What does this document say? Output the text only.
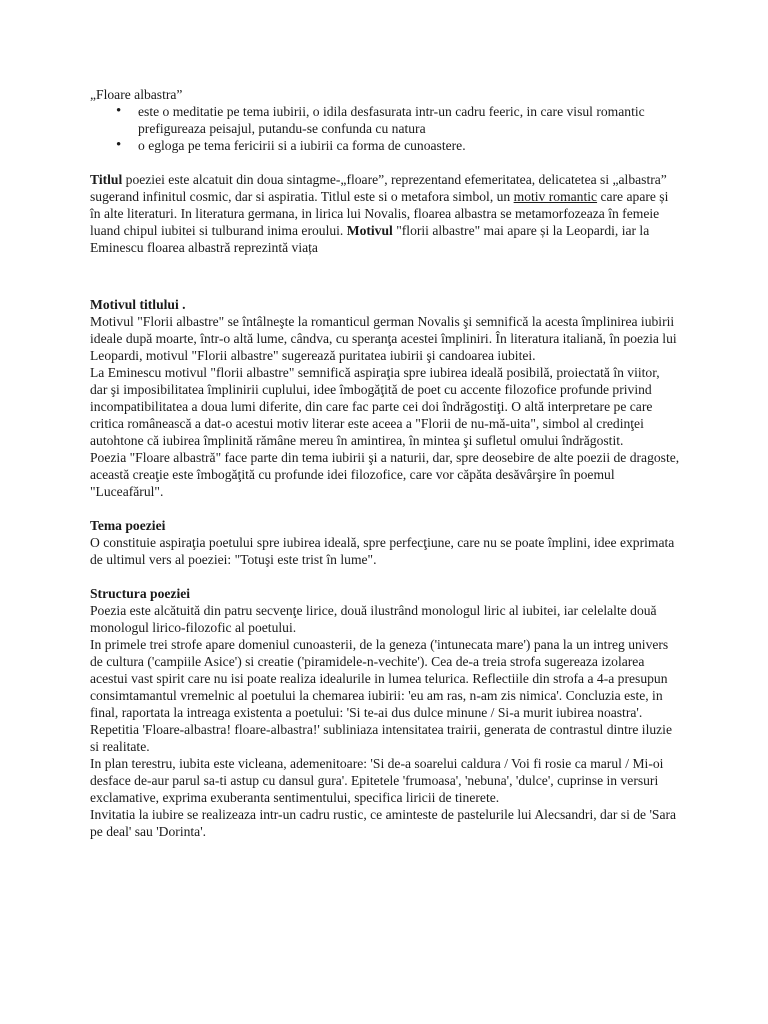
„Floare albastra”

• este o meditatie pe tema iubirii, o idila desfasurata intr-un cadru feeric, in care visul romantic prefigureaza peisajul, putandu-se confunda cu natura
• o egloga pe tema fericirii si a iubirii ca forma de cunoastere.

Titlul poeziei este alcatuit din doua sintagme-„floare”, reprezentand efemeritatea, delicatetea si „albastra” sugerand infinitul cosmic, dar si aspiratia. Titlul este si o metafora simbol, un motiv romantic care apare și în alte literaturi. In literatura germana, in lirica lui Novalis, floarea albastra se metamorfozeaza în femeie luand chipul iubitei si tulburand inima eroului. Motivul "florii albastre" mai apare și la Leopardi, iar la Eminescu floarea albastră reprezintă viața

Motivul titlului .

Motivul "Florii albastre" se întâlneşte la romanticul german Novalis şi semnifică la acesta împlinirea iubirii ideale după moarte, într-o altă lume, cândva, cu speranţa acestei împliniri. În literatura italiană, în poezia lui Leopardi, motivul "Florii albastre" sugerează puritatea iubirii şi candoarea iubitei.

La Eminescu motivul "florii albastre" semnifică aspiraţia spre iubirea ideală posibilă, proiectată în viitor, dar şi imposibilitatea împlinirii cuplului, idee îmbogăţită de poet cu accente filozofice profunde privind incompatibilitatea a doua lumi diferite, din care fac parte cei doi îndrăgostiţi. O altă interpretare pe care critica românească a dat-o acestui motiv literar este aceea a "Florii de nu-mă-uita", simbol al credinţei autohtone că iubirea împlinită rămâne mereu în amintirea, în mintea şi sufletul omului îndrăgostit.

Poezia "Floare albastră" face parte din tema iubirii şi a naturii, dar, spre deosebire de alte poezii de dragoste, această creaţie este îmbogăţită cu profunde idei filozofice, care vor căpăta desăvârşire în poemul "Luceafărul".

Tema poeziei

O constituie aspiraţia poetului spre iubirea ideală, spre perfecţiune, care nu se poate împlini, idee exprimata de ultimul vers al poeziei: "Totuşi este trist în lume".

Structura poeziei

Poezia este alcătuită din patru secvenţe lirice, două ilustrând monologul liric al iubitei, iar celelalte două monologul lirico-filozofic al poetului.

In primele trei strofe apare domeniul cunoasterii, de la geneza ('intunecata mare') pana la un intreg univers de cultura ('campiile Asice') si creatie ('piramidele-n-vechite'). Cea de-a treia strofa sugereaza izolarea acestui vast spirit care nu isi poate realiza idealurile in lumea telurica. Reflectiile din strofa a 4-a presupun consimtamantul vremelnic al poetului la chemarea iubirii: 'eu am ras, n-am zis nimica'. Concluzia este, in final, raportata la intreaga existenta a poetului: 'Si te-ai dus dulce minune / Si-a murit iubirea noastra'. Repetitia 'Floare-albastra! floare-albastra!' subliniaza intensitatea trairii, generata de contrastul dintre iluzie si realitate.

In plan terestru, iubita este vicleana, ademenitoare: 'Si de-a soarelui caldura / Voi fi rosie ca marul / Mi-oi desface de-aur parul sa-ti astup cu dansul gura'. Epitetele 'frumoasa', 'nebuna', 'dulce', cuprinse in versuri exclamative, exprima exuberanta sentimentului, specifica liricii de tinerete.

Invitatia la iubire se realizeaza intr-un cadru rustic, ce aminteste de pastelurile lui Alecsandri, dar si de 'Sara pe deal' sau 'Dorinta'.
